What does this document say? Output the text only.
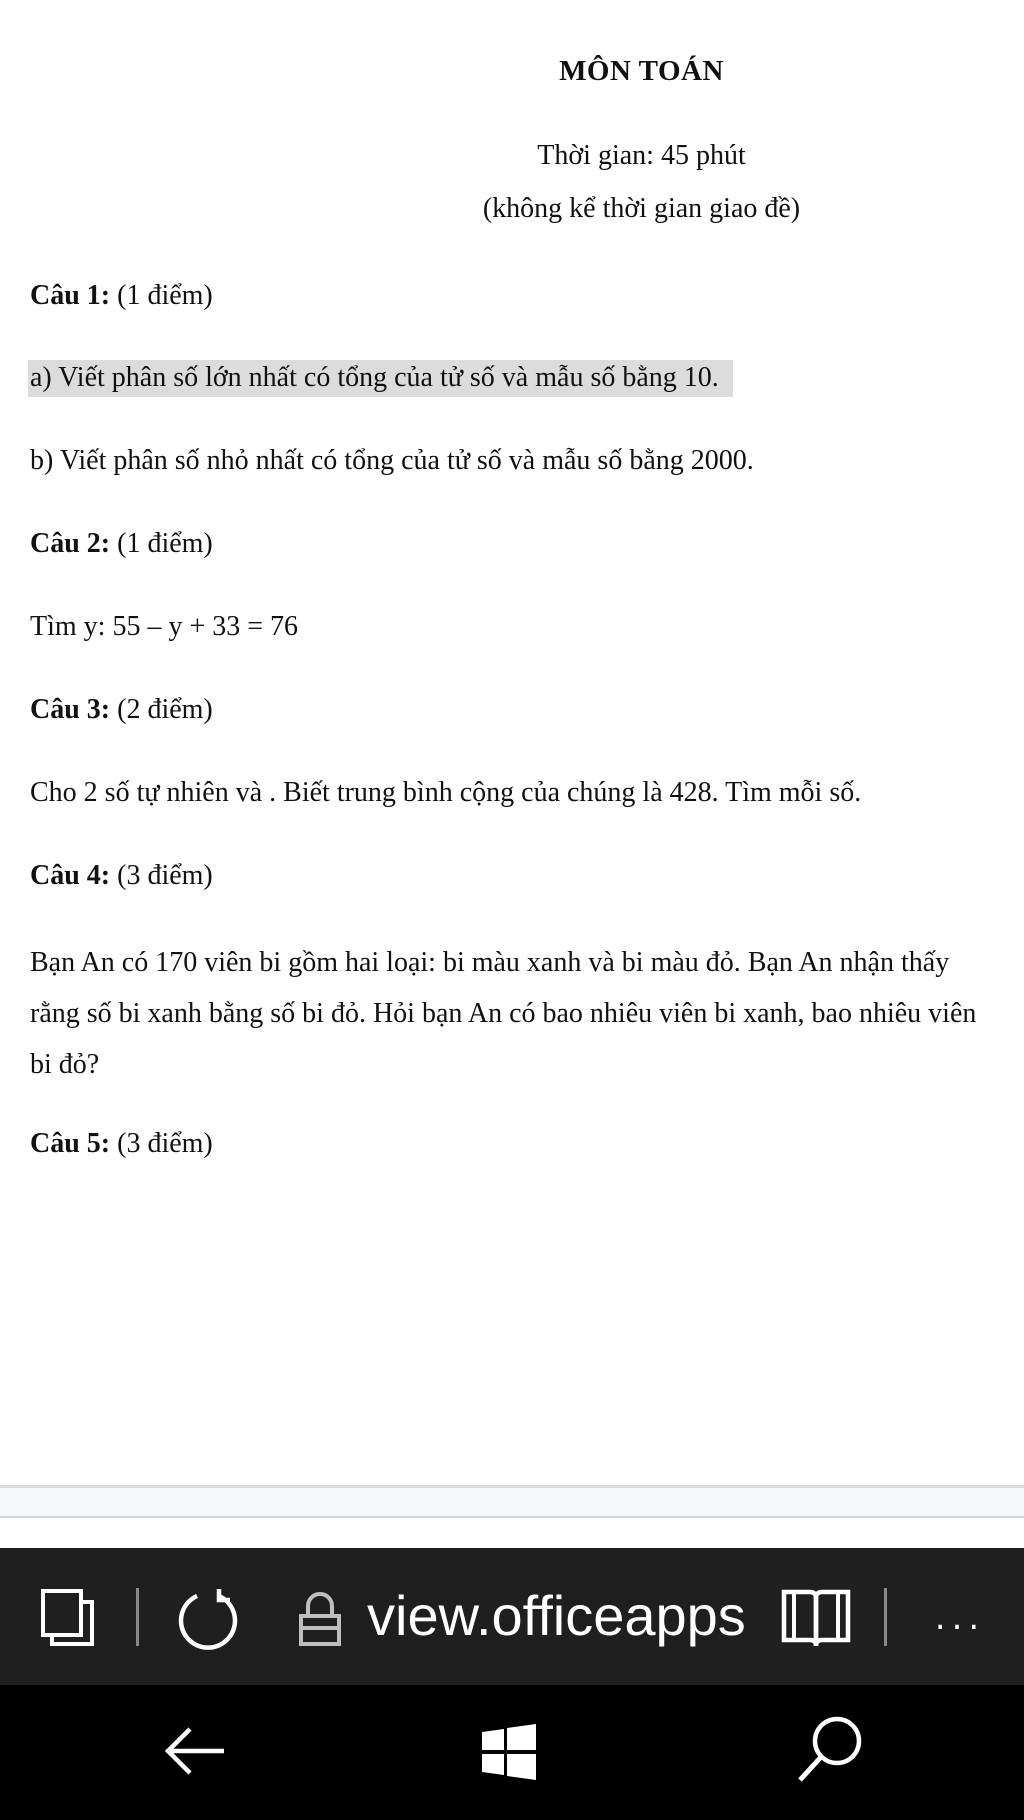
MÔN TOÁN
Thời gian: 45 phút
(không kể thời gian giao đề)
Câu 1: (1 điểm)
a) Viết phân số lớn nhất có tổng của tử số và mẫu số bằng 10.
b) Viết phân số nhỏ nhất có tổng của tử số và mẫu số bằng 2000.
Câu 2: (1 điểm)
Tìm y: 55 – y + 33 = 76
Câu 3: (2 điểm)
Cho 2 số tự nhiên và . Biết trung bình cộng của chúng là 428. Tìm mỗi số.
Câu 4: (3 điểm)
Bạn An có 170 viên bi gồm hai loại: bi màu xanh và bi màu đỏ. Bạn An nhận thấy rằng số bi xanh bằng số bi đỏ. Hỏi bạn An có bao nhiêu viên bi xanh, bao nhiêu viên bi đỏ?
Câu 5: (3 điểm)
view.officeapps	...
